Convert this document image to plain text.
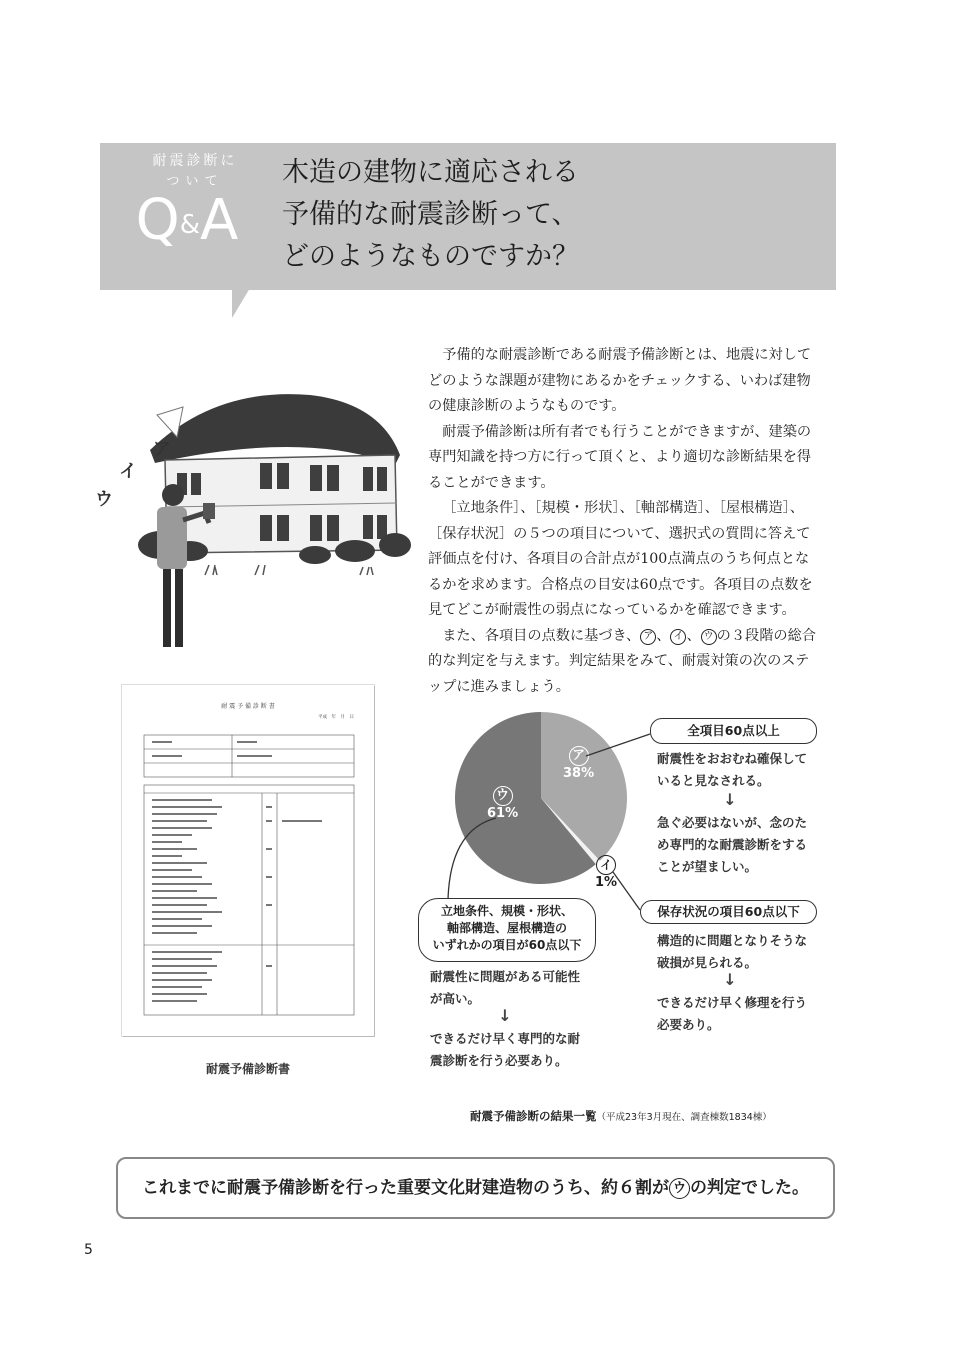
耐震診断に
ついて
Q&A
木造の建物に適応される
予備的な耐震診断って、
どのようなものですか？
ア
イ
ウ

予備的な耐震診断である耐震予備診断とは、地震に対してどのような課題が建物にあるかをチェックする、いわば建物の健康診断のようなものです。

耐震予備診断は所有者でも行うことができますが、建築の専門知識を持つ方に行って頂くと、より適切な診断結果を得ることができます。

［立地条件］、［規模・形状］、［軸部構造］、［屋根構造］、［保存状況］の５つの項目について、選択式の質問に答えて評価点を付け、各項目の合計点が100点満点のうち何点となるかを求めます。合格点の目安は60点です。各項目の点数を見てどこが耐震性の弱点になっているかを確認できます。

また、各項目の点数に基づき、 ア 、 イ 、 ウ の３段階の総合的な判定を与えます。判定結果をみて、耐震対策の次のステップに進みましょう。

耐 震 予 備 診 断 書
平成　年　月　日
耐震予備診断書
ア
38%
ウ
61%
イ
1%
全項目60点以上
耐震性をおおむね確保して
いると見なされる。
↓
急ぐ必要はないが、念のた
め専門的な耐震診断をする
ことが望ましい。
保存状況の項目60点以下
構造的に問題となりそうな
破損が見られる。
↓
できるだけ早く修理を行う
必要あり。
立地条件、規模・形状、
軸部構造、屋根構造の
いずれかの項目が60点以下
耐震性に問題がある可能性
が高い。
↓
できるだけ早く専門的な耐
震診断を行う必要あり。
耐震予備診断の結果一覧（平成23年3月現在、調査棟数1834棟）
これまでに耐震予備診断を行った重要文化財建造物のうち、約６割が ウ の判定でした。
5
